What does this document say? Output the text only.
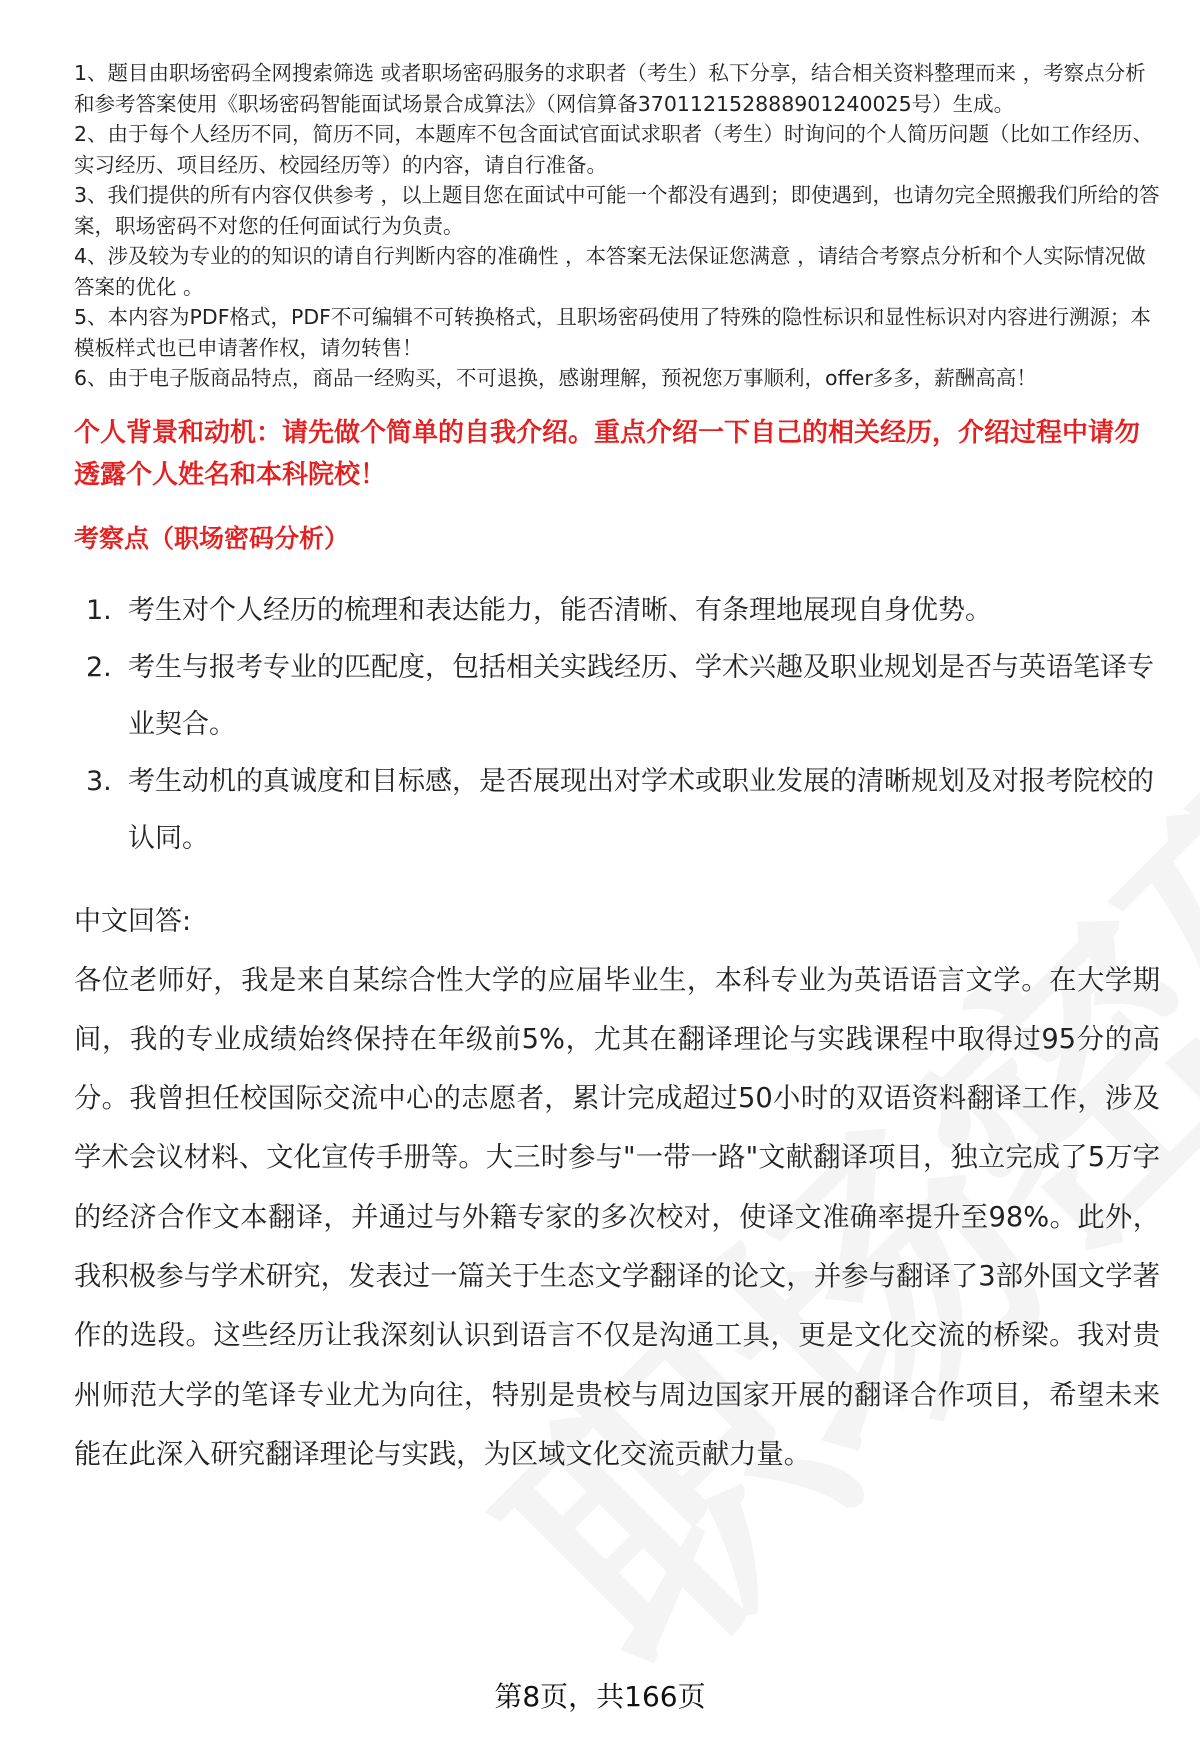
1、题目由职场密码全网搜索筛选 或者职场密码服务的求职者（考生）私下分享，结合相关资料整理而来 ，考察点分析和参考答案使用《职场密码智能面试场景合成算法》（网信算备370112152888901240025号）生成。

2、由于每个人经历不同，简历不同，本题库不包含面试官面试求职者（考生）时询问的个人简历问题（比如工作经历、实习经历、项目经历、校园经历等）的内容，请自行准备。

3、我们提供的所有内容仅供参考 ，以上题目您在面试中可能一个都没有遇到；即使遇到，也请勿完全照搬我们所给的答案，职场密码不对您的任何面试行为负责。

4、涉及较为专业的的知识的请自行判断内容的准确性 ，本答案无法保证您满意 ，请结合考察点分析和个人实际情况做答案的优化 。

5、本内容为PDF格式，PDF不可编辑不可转换格式，且职场密码使用了特殊的隐性标识和显性标识对内容进行溯源；本模板样式也已申请著作权，请勿转售！

6、由于电子版商品特点，商品一经购买，不可退换，感谢理解，预祝您万事顺利，offer多多，薪酬高高！

个人背景和动机：请先做个简单的自我介绍。重点介绍一下自己的相关经历，介绍过程中请勿透露个人姓名和本科院校！

考察点（职场密码分析）

1. 考生对个人经历的梳理和表达能力，能否清晰、有条理地展现自身优势。
2. 考生与报考专业的匹配度，包括相关实践经历、学术兴趣及职业规划是否与英语笔译专业契合。
3. 考生动机的真诚度和目标感，是否展现出对学术或职业发展的清晰规划及对报考院校的认同。
中文回答:

各位老师好，我是来自某综合性大学的应届毕业生，本科专业为英语语言文学。在大学期间，我的专业成绩始终保持在年级前5%，尤其在翻译理论与实践课程中取得过95分的高分。我曾担任校国际交流中心的志愿者，累计完成超过50小时的双语资料翻译工作，涉及学术会议材料、文化宣传手册等。大三时参与"一带一路"文献翻译项目，独立完成了5万字的经济合作文本翻译，并通过与外籍专家的多次校对，使译文准确率提升至98%。此外，我积极参与学术研究，发表过一篇关于生态文学翻译的论文，并参与翻译了3部外国文学著作的选段。这些经历让我深刻认识到语言不仅是沟通工具，更是文化交流的桥梁。我对贵州师范大学的笔译专业尤为向往，特别是贵校与周边国家开展的翻译合作项目，希望未来能在此深入研究翻译理论与实践，为区域文化交流贡献力量。

第8页，共166页
